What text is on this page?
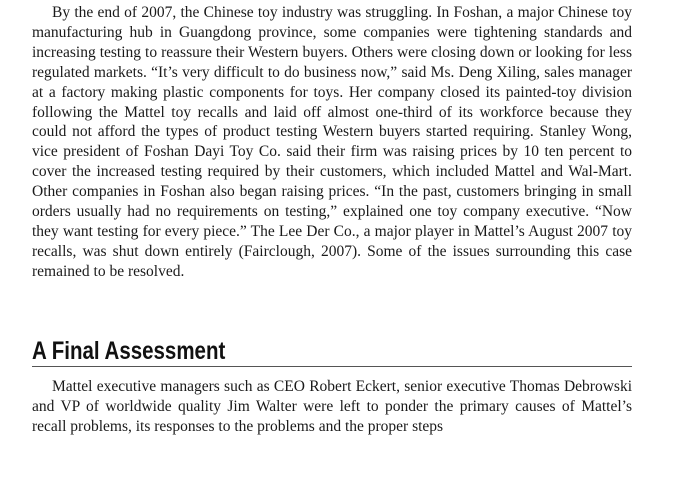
By the end of 2007, the Chinese toy industry was struggling. In Foshan, a major Chinese toy manufacturing hub in Guangdong province, some companies were tightening standards and increasing testing to reassure their Western buyers. Others were closing down or looking for less regulated markets. “It’s very difficult to do business now,” said Ms. Deng Xiling, sales manager at a factory making plastic components for toys. Her company closed its painted-toy division following the Mattel toy recalls and laid off almost one-third of its workforce because they could not afford the types of product testing Western buyers started requiring. Stanley Wong, vice president of Foshan Dayi Toy Co. said their firm was raising prices by 10 ten percent to cover the increased testing required by their customers, which included Mattel and Wal-Mart. Other companies in Foshan also began raising prices. “In the past, customers bringing in small orders usually had no requirements on testing,” explained one toy company executive. “Now they want testing for every piece.” The Lee Der Co., a major player in Mattel’s August 2007 toy recalls, was shut down entirely (Fairclough, 2007). Some of the issues surrounding this case remained to be resolved.

A Final Assessment

Mattel executive managers such as CEO Robert Eckert, senior executive Thomas Debrowski and VP of worldwide quality Jim Walter were left to ponder the primary causes of Mattel’s recall problems, its responses to the problems and the proper steps
